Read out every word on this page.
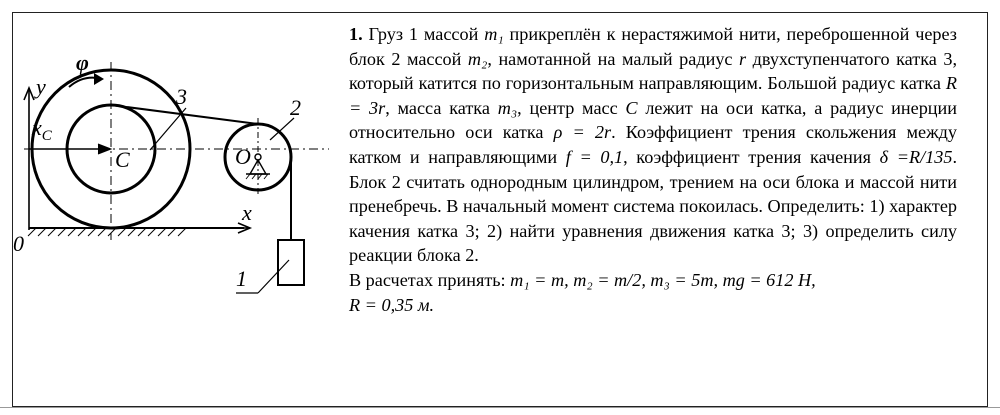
y
x
0
$x_C$
C
φ
3
O
2
1

1. Груз 1 массой m₁ прикреплён к нерастяжимой нити, переброшенной через блок 2 массой m₂, намотанной на малый радиус r двухступенчатого катка 3, который катится по горизонтальным направляющим. Большой радиус катка R = 3r, масса катка m₃, центр масс C лежит на оси катка, а радиус инерции относительно оси катка ρ = 2r. Коэффициент трения скольжения между катком и направляющими f = 0,1, коэффициент трения качения δ =R/135. Блок 2 считать однородным цилиндром, трением на оси блока и массой нити пренебречь. В начальный момент система покоилась. Определить: 1) характер качения катка 3; 2) найти уравнения движения катка 3; 3) определить силу реакции блока 2.

В расчетах принять: m₁ = m, m₂ = m/2, m₃ = 5m, mg = 612 Н,

R = 0,35 м.
